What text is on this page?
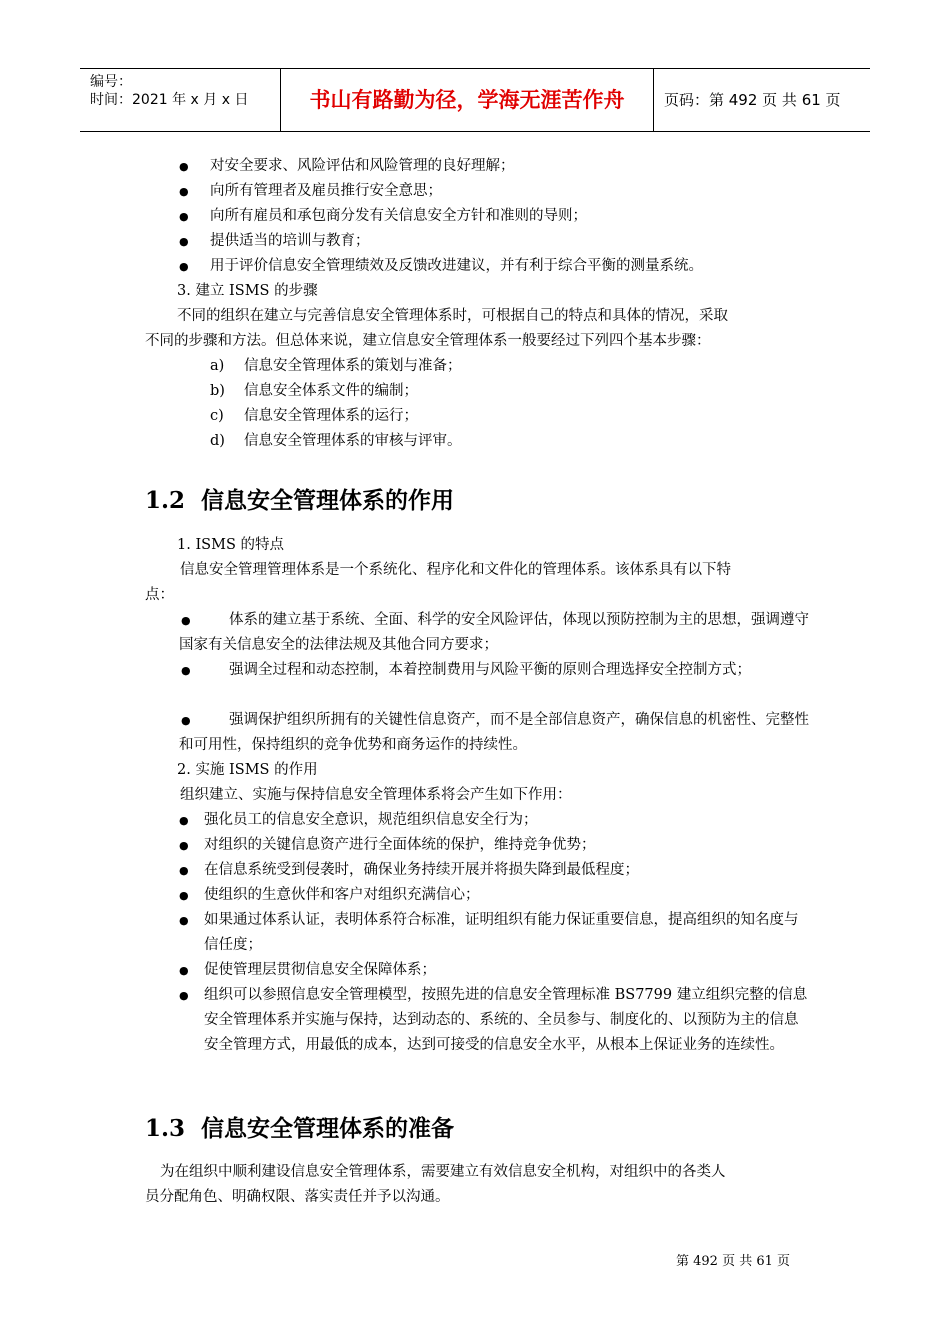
编号：
时间：2021 年 x 月 x 日	书山有路勤为径，学海无涯苦作舟	页码：第 492 页 共 61 页
● 对安全要求、风险评估和风险管理的良好理解；
● 向所有管理者及雇员推行安全意思；
● 向所有雇员和承包商分发有关信息安全方针和准则的导则；
● 提供适当的培训与教育；
● 用于评价信息安全管理绩效及反馈改进建议，并有利于综合平衡的测量系统。
3. 建立 ISMS 的步骤
不同的组织在建立与完善信息安全管理体系时，可根据自己的特点和具体的情况，采取
不同的步骤和方法。但总体来说，建立信息安全管理体系一般要经过下列四个基本步骤：
a) 信息安全管理体系的策划与准备；
b) 信息安全体系文件的编制；
c) 信息安全管理体系的运行；
d) 信息安全管理体系的审核与评审。
1.2 信息安全管理体系的作用
1. ISMS 的特点
信息安全管理管理体系是一个系统化、程序化和文件化的管理体系。该体系具有以下特
点：
●	体系的建立基于系统、全面、科学的安全风险评估，体现以预防控制为主的思想，强调遵守国家有关信息安全的法律法规及其他合同方要求；
●	强调全过程和动态控制，本着控制费用与风险平衡的原则合理选择安全控制方式；
●	强调保护组织所拥有的关键性信息资产，而不是全部信息资产，确保信息的机密性、完整性和可用性，保持组织的竞争优势和商务运作的持续性。
2. 实施 ISMS 的作用
组织建立、实施与保持信息安全管理体系将会产生如下作用：
● 强化员工的信息安全意识，规范组织信息安全行为；
● 对组织的关键信息资产进行全面体统的保护，维持竞争优势；
● 在信息系统受到侵袭时，确保业务持续开展并将损失降到最低程度；
● 使组织的生意伙伴和客户对组织充满信心；
● 如果通过体系认证，表明体系符合标准，证明组织有能力保证重要信息，提高组织的知名度与信任度；
● 促使管理层贯彻信息安全保障体系；
● 组织可以参照信息安全管理模型，按照先进的信息安全管理标准 BS7799 建立组织完整的信息安全管理体系并实施与保持，达到动态的、系统的、全员参与、制度化的、以预防为主的信息安全管理方式，用最低的成本，达到可接受的信息安全水平，从根本上保证业务的连续性。
1.3 信息安全管理体系的准备
为在组织中顺利建设信息安全管理体系，需要建立有效信息安全机构，对组织中的各类人
员分配角色、明确权限、落实责任并予以沟通。
第 492 页 共 61 页
